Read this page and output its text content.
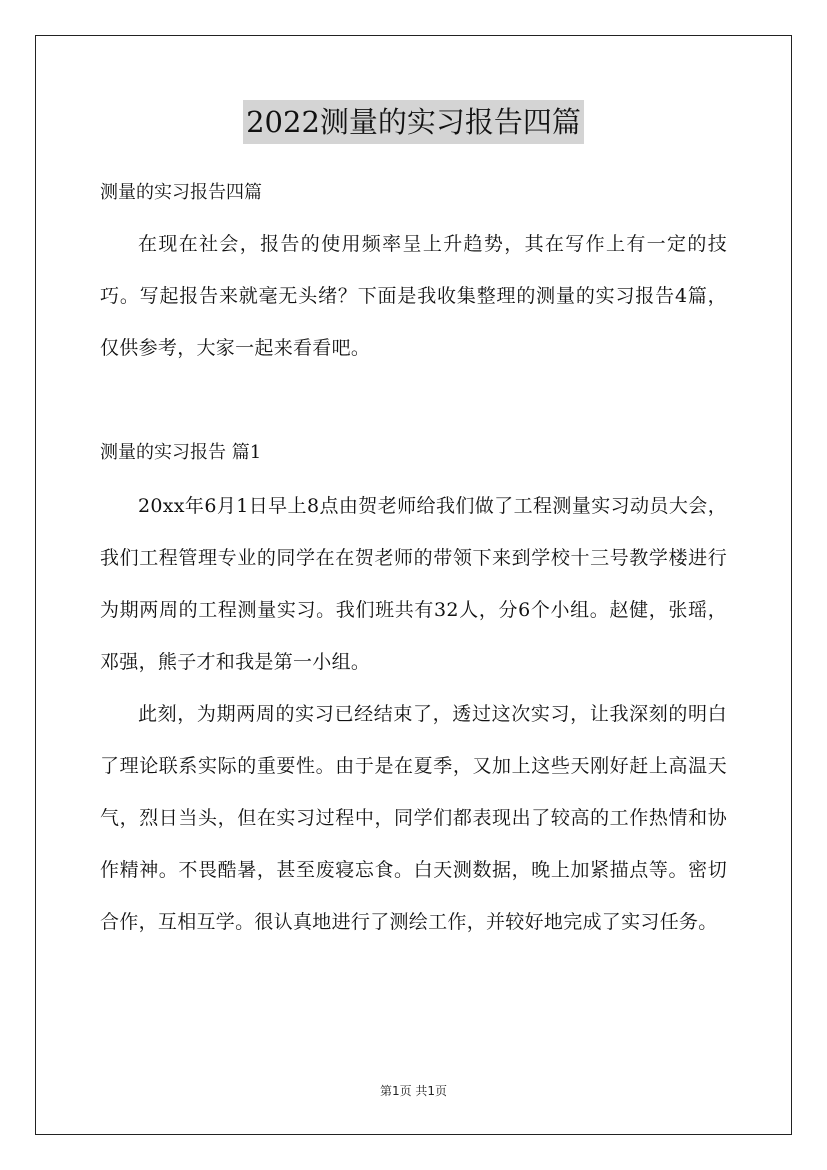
2022测量的实习报告四篇

测量的实习报告四篇

在现在社会，报告的使用频率呈上升趋势，其在写作上有一定的技巧。写起报告来就毫无头绪？下面是我收集整理的测量的实习报告4篇，仅供参考，大家一起来看看吧。

测量的实习报告 篇1

20xx年6月1日早上8点由贺老师给我们做了工程测量实习动员大会，我们工程管理专业的同学在在贺老师的带领下来到学校十三号教学楼进行为期两周的工程测量实习。我们班共有32人，分6个小组。赵健，张瑶，邓强，熊子才和我是第一小组。

此刻，为期两周的实习已经结束了，透过这次实习，让我深刻的明白了理论联系实际的重要性。由于是在夏季，又加上这些天刚好赶上高温天气，烈日当头，但在实习过程中，同学们都表现出了较高的工作热情和协作精神。不畏酷暑，甚至废寝忘食。白天测数据，晚上加紧描点等。密切合作，互相互学。很认真地进行了测绘工作，并较好地完成了实习任务。

第1页 共1页
